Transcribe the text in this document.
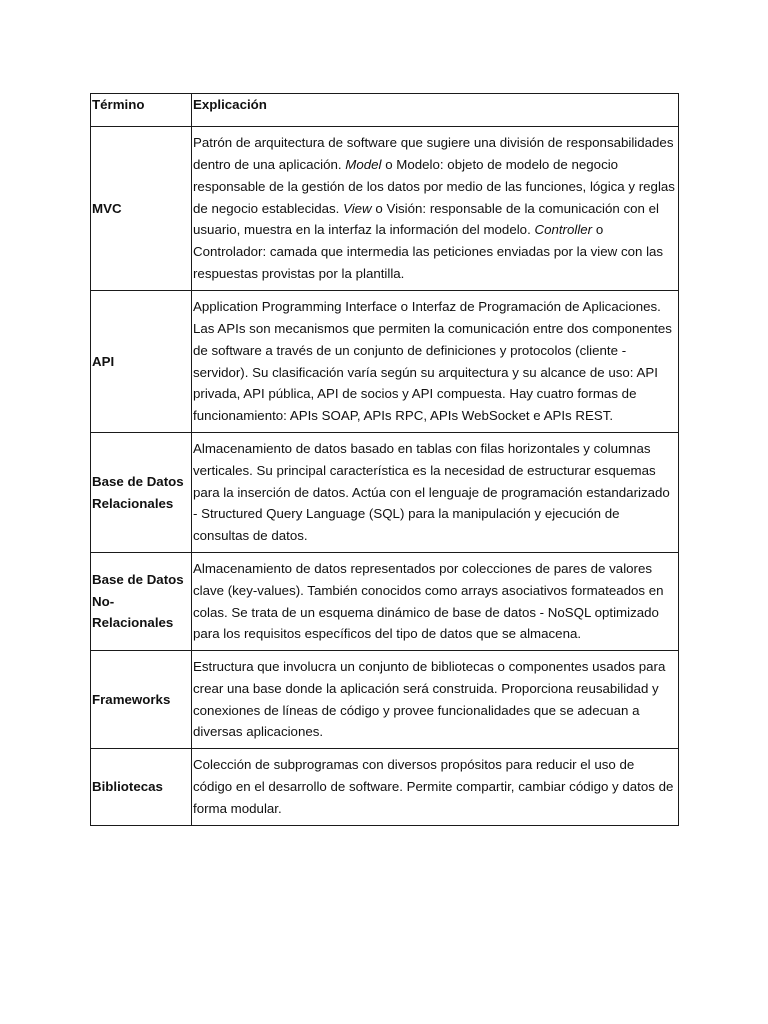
Término	Explicación
MVC	Patrón de arquitectura de software que sugiere una división de responsabilidades dentro de una aplicación. Model o Modelo: objeto de modelo de negocio responsable de la gestión de los datos por medio de las funciones, lógica y reglas de negocio establecidas. View o Visión: responsable de la comunicación con el usuario, muestra en la interfaz la información del modelo. Controller o Controlador: camada que intermedia las peticiones enviadas por la view con las respuestas provistas por la plantilla.
API	Application Programming Interface o Interfaz de Programación de Aplicaciones. Las APIs son mecanismos que permiten la comunicación entre dos componentes de software a través de un conjunto de definiciones y protocolos (cliente - servidor). Su clasificación varía según su arquitectura y su alcance de uso: API privada, API pública, API de socios y API compuesta. Hay cuatro formas de funcionamiento: APIs SOAP, APIs RPC, APIs WebSocket e APIs REST.
Base de Datos Relacionales	Almacenamiento de datos basado en tablas con filas horizontales y columnas verticales. Su principal característica es la necesidad de estructurar esquemas para la inserción de datos. Actúa con el lenguaje de programación estandarizado - Structured Query Language (SQL) para la manipulación y ejecución de consultas de datos.
Base de Datos No-Relacionales	Almacenamiento de datos representados por colecciones de pares de valores clave (key-values). También conocidos como arrays asociativos formateados en colas. Se trata de un esquema dinámico de base de datos - NoSQL optimizado para los requisitos específicos del tipo de datos que se almacena.
Frameworks	Estructura que involucra un conjunto de bibliotecas o componentes usados para crear una base donde la aplicación será construida. Proporciona reusabilidad y conexiones de líneas de código y provee funcionalidades que se adecuan a diversas aplicaciones.
Bibliotecas	Colección de subprogramas con diversos propósitos para reducir el uso de código en el desarrollo de software. Permite compartir, cambiar código y datos de forma modular.
